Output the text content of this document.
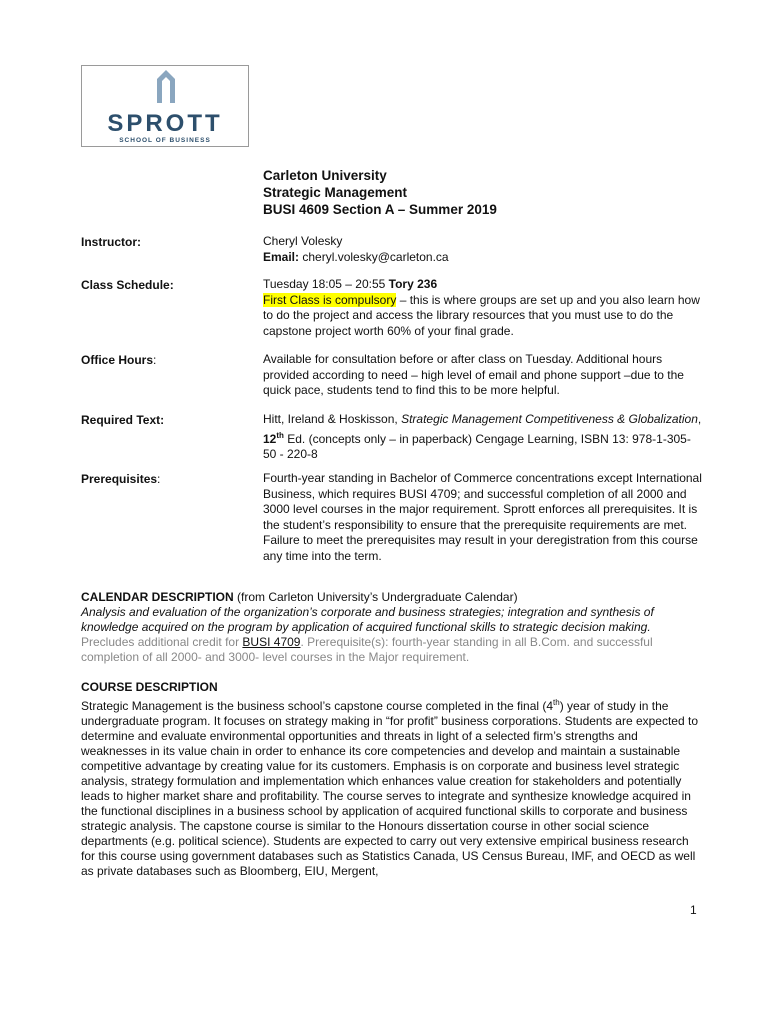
SPROTT
SCHOOL OF BUSINESS
Carleton University
Strategic Management
BUSI 4609 Section A – Summer 2019
Instructor:	Cheryl Volesky
Email: cheryl.volesky@carleton.ca
Class Schedule:	Tuesday 18:05 – 20:55 Tory 236
First Class is compulsory – this is where groups are set up and you also learn how to do the project and access the library resources that you must use to do the capstone project worth 60% of your final grade.
Office Hours:	Available for consultation before or after class on Tuesday. Additional hours provided according to need – high level of email and phone support –due to the quick pace, students tend to find this to be more helpful.
Required Text:	Hitt, Ireland & Hoskisson, Strategic Management Competitiveness & Globalization, 12th Ed. (concepts only – in paperback) Cengage Learning, ISBN 13: 978-1-305-50 - 220-8
Prerequisites:	Fourth-year standing in Bachelor of Commerce concentrations except International Business, which requires BUSI 4709; and successful completion of all 2000 and 3000 level courses in the major requirement. Sprott enforces all prerequisites. It is the student’s responsibility to ensure that the prerequisite requirements are met. Failure to meet the prerequisites may result in your deregistration from this course any time into the term.
CALENDAR DESCRIPTION (from Carleton University’s Undergraduate Calendar)
Analysis and evaluation of the organization’s corporate and business strategies; integration and synthesis of knowledge acquired on the program by application of acquired functional skills to strategic decision making.
Precludes additional credit for BUSI 4709. Prerequisite(s): fourth-year standing in all B.Com. and successful completion of all 2000- and 3000- level courses in the Major requirement.
COURSE DESCRIPTION
Strategic Management is the business school’s capstone course completed in the final (4th) year of study in the undergraduate program. It focuses on strategy making in “for profit” business corporations. Students are expected to determine and evaluate environmental opportunities and threats in light of a selected firm’s strengths and weaknesses in its value chain in order to enhance its core competencies and develop and maintain a sustainable competitive advantage by creating value for its customers. Emphasis is on corporate and business level strategic analysis, strategy formulation and implementation which enhances value creation for stakeholders and potentially leads to higher market share and profitability. The course serves to integrate and synthesize knowledge acquired in the functional disciplines in a business school by application of acquired functional skills to corporate and business strategic analysis. The capstone course is similar to the Honours dissertation course in other social science departments (e.g. political science). Students are expected to carry out very extensive empirical business research for this course using government databases such as Statistics Canada, US Census Bureau, IMF, and OECD as well as private databases such as Bloomberg, EIU, Mergent,
1
